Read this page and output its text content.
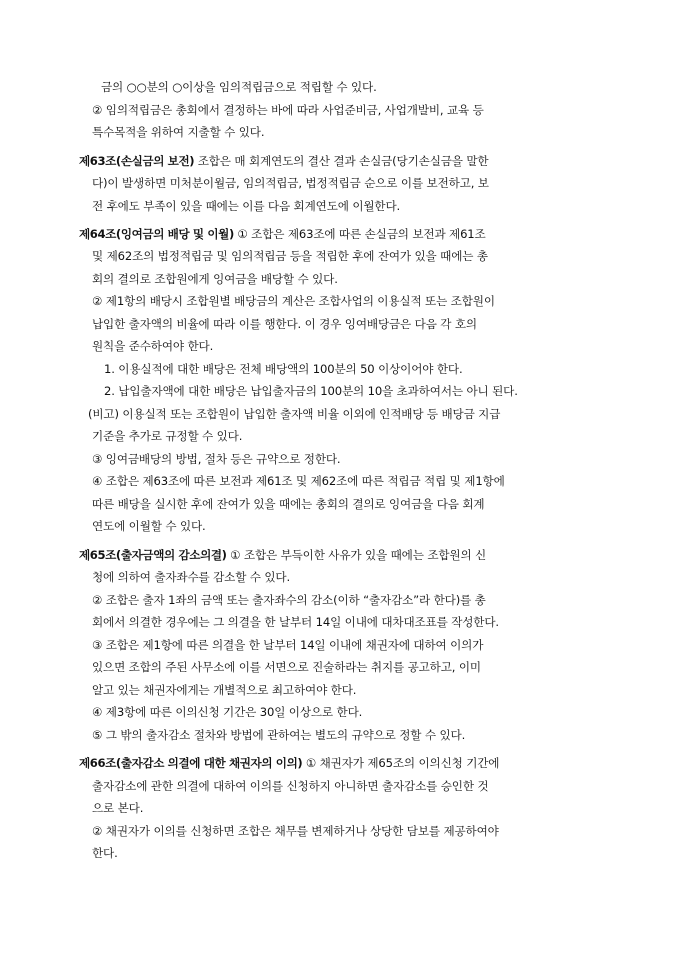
금의 ○○분의 ○이상을 임의적립금으로 적립할 수 있다.
② 임의적립금은 총회에서 결정하는 바에 따라 사업준비금, 사업개발비, 교육 등
특수목적을 위하여 지출할 수 있다.
제63조(손실금의 보전) 조합은 매 회계연도의 결산 결과 손실금(당기손실금을 말한
다)이 발생하면 미처분이월금, 임의적립금, 법정적립금 순으로 이를 보전하고, 보
전 후에도 부족이 있을 때에는 이를 다음 회계연도에 이월한다.
제64조(잉여금의 배당 및 이월) ① 조합은 제63조에 따른 손실금의 보전과 제61조
및 제62조의 법정적립금 및 임의적립금 등을 적립한 후에 잔여가 있을 때에는 총
회의 결의로 조합원에게 잉여금을 배당할 수 있다.
② 제1항의 배당시 조합원별 배당금의 계산은 조합사업의 이용실적 또는 조합원이
납입한 출자액의 비율에 따라 이를 행한다. 이 경우 잉여배당금은 다음 각 호의
원칙을 준수하여야 한다.
1. 이용실적에 대한 배당은 전체 배당액의 100분의 50 이상이어야 한다.
2. 납입출자액에 대한 배당은 납입출자금의 100분의 10을 초과하여서는 아니 된다.
(비고) 이용실적 또는 조합원이 납입한 출자액 비율 이외에 인적배당 등 배당금 지급
기준을 추가로 규정할 수 있다.
③ 잉여금배당의 방법, 절차 등은 규약으로 정한다.
④ 조합은 제63조에 따른 보전과 제61조 및 제62조에 따른 적립금 적립 및 제1항에
따른 배당을 실시한 후에 잔여가 있을 때에는 총회의 결의로 잉여금을 다음 회계
연도에 이월할 수 있다.
제65조(출자금액의 감소의결) ① 조합은 부득이한 사유가 있을 때에는 조합원의 신
청에 의하여 출자좌수를 감소할 수 있다.
② 조합은 출자 1좌의 금액 또는 출자좌수의 감소(이하 “출자감소”라 한다)를 총
회에서 의결한 경우에는 그 의결을 한 날부터 14일 이내에 대차대조표를 작성한다.
③ 조합은 제1항에 따른 의결을 한 날부터 14일 이내에 채권자에 대하여 이의가
있으면 조합의 주된 사무소에 이를 서면으로 진술하라는 취지를 공고하고, 이미
알고 있는 채권자에게는 개별적으로 최고하여야 한다.
④ 제3항에 따른 이의신청 기간은 30일 이상으로 한다.
⑤ 그 밖의 출자감소 절차와 방법에 관하여는 별도의 규약으로 정할 수 있다.
제66조(출자감소 의결에 대한 채권자의 이의) ① 채권자가 제65조의 이의신청 기간에
출자감소에 관한 의결에 대하여 이의를 신청하지 아니하면 출자감소를 승인한 것
으로 본다.
② 채권자가 이의를 신청하면 조합은 채무를 변제하거나 상당한 담보를 제공하여야
한다.
